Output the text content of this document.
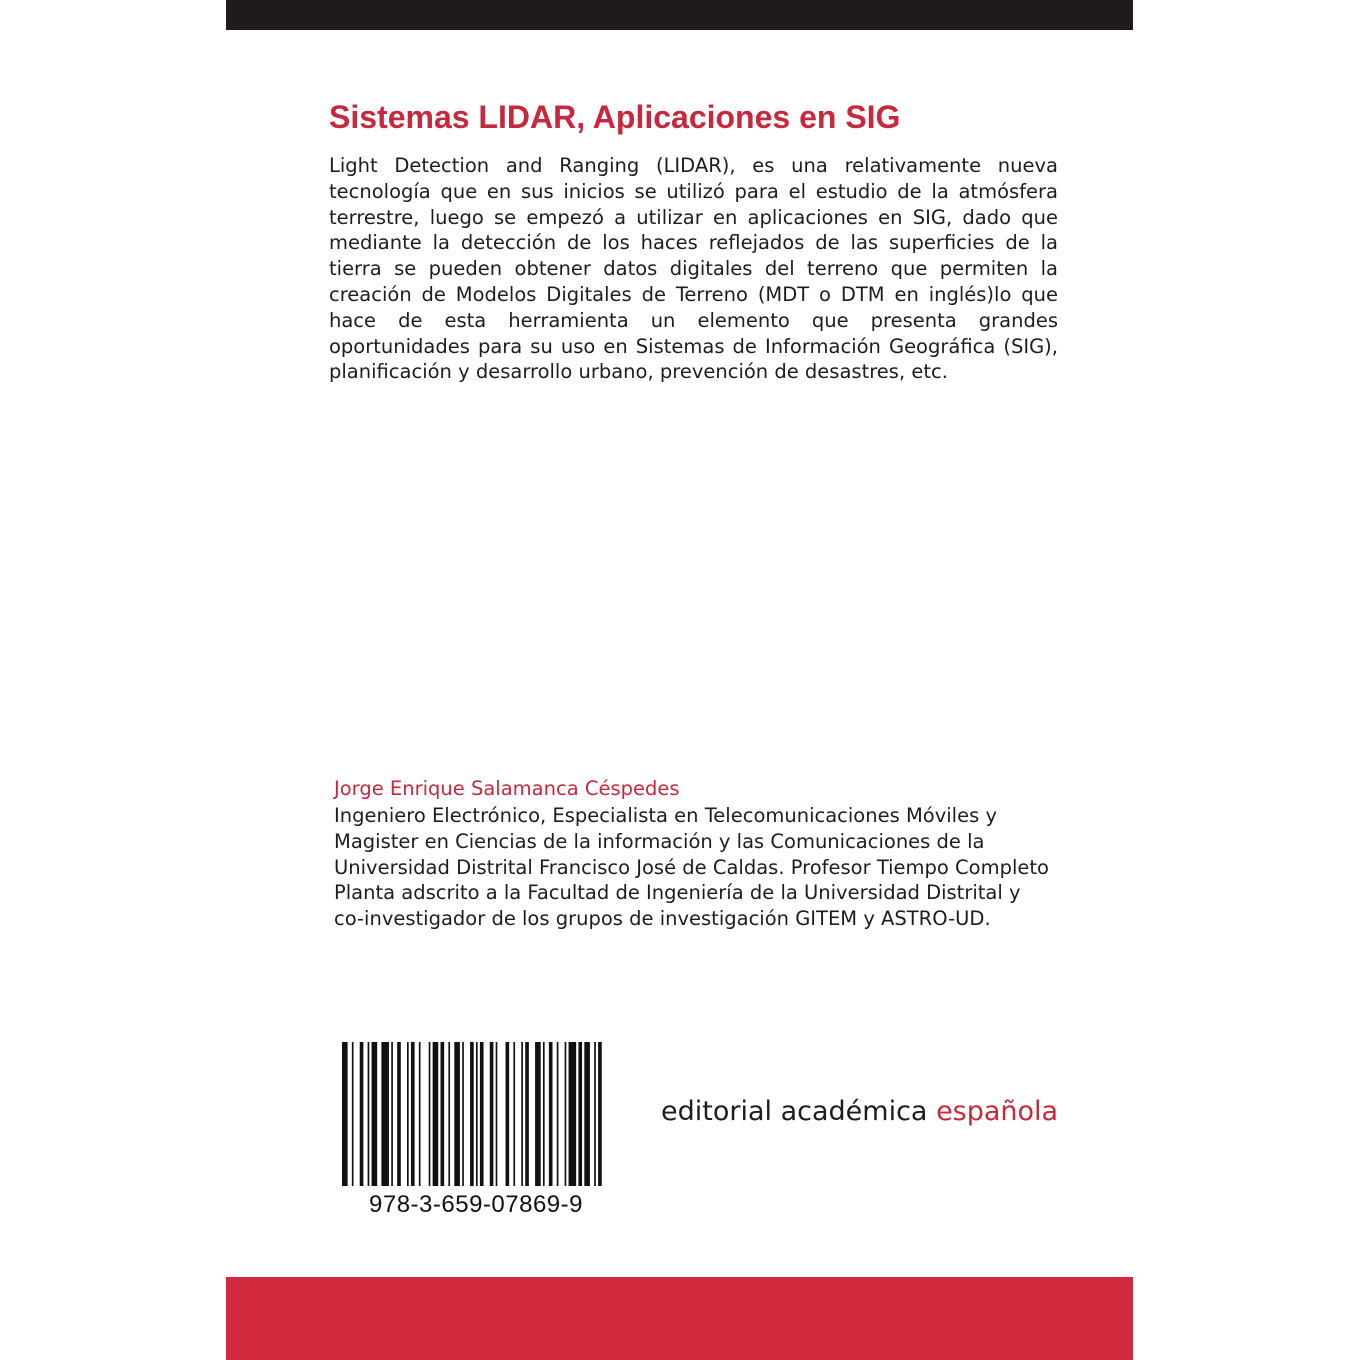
Sistemas LIDAR, Aplicaciones en SIG

Light Detection and Ranging (LIDAR), es una relativamente nueva tecnología que en sus inicios se utilizó para el estudio de la atmósfera terrestre, luego se empezó a utilizar en aplicaciones en SIG, dado que mediante la detección de los haces reflejados de las superficies de la tierra se pueden obtener datos digitales del terreno que permiten la creación de Modelos Digitales de Terreno (MDT o DTM en inglés)lo que hace de esta herramienta un elemento que presenta grandes oportunidades para su uso en Sistemas de Información Geográfica (SIG), planificación y desarrollo urbano, prevención de desastres, etc.

Jorge Enrique Salamanca Céspedes

Ingeniero Electrónico, Especialista en Telecomunicaciones Móviles y Magister en Ciencias de la información y las Comunicaciones de la Universidad Distrital Francisco José de Caldas. Profesor Tiempo Completo Planta adscrito a la Facultad de Ingeniería de la Universidad Distrital y co-investigador de los grupos de investigación GITEM y ASTRO-UD.

978-3-659-07869-9
editorial académica española
